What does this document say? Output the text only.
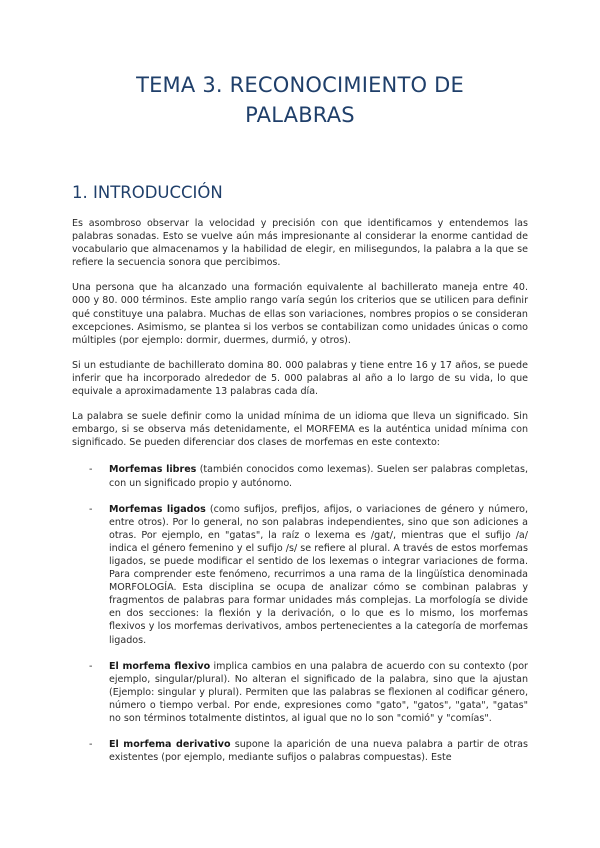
TEMA 3. RECONOCIMIENTO DE
PALABRAS
1. INTRODUCCIÓN

Es asombroso observar la velocidad y precisión con que identificamos y entendemos las palabras sonadas. Esto se vuelve aún más impresionante al considerar la enorme cantidad de vocabulario que almacenamos y la habilidad de elegir, en milisegundos, la palabra a la que se refiere la secuencia sonora que percibimos.

Una persona que ha alcanzado una formación equivalente al bachillerato maneja entre 40. 000 y 80. 000 términos. Este amplio rango varía según los criterios que se utilicen para definir qué constituye una palabra. Muchas de ellas son variaciones, nombres propios o se consideran excepciones. Asimismo, se plantea si los verbos se contabilizan como unidades únicas o como múltiples (por ejemplo: dormir, duermes, durmió, y otros).

Si un estudiante de bachillerato domina 80. 000 palabras y tiene entre 16 y 17 años, se puede inferir que ha incorporado alrededor de 5. 000 palabras al año a lo largo de su vida, lo que equivale a aproximadamente 13 palabras cada día.

La palabra se suele definir como la unidad mínima de un idioma que lleva un significado. Sin embargo, si se observa más detenidamente, el MORFEMA es la auténtica unidad mínima con significado. Se pueden diferenciar dos clases de morfemas en este contexto:

- Morfemas libres (también conocidos como lexemas). Suelen ser palabras completas, con un significado propio y autónomo.

- Morfemas ligados (como sufijos, prefijos, afijos, o variaciones de género y número, entre otros). Por lo general, no son palabras independientes, sino que son adiciones a otras. Por ejemplo, en "gatas", la raíz o lexema es /gat/, mientras que el sufijo /a/ indica el género femenino y el sufijo /s/ se refiere al plural. A través de estos morfemas ligados, se puede modificar el sentido de los lexemas o integrar variaciones de forma. Para comprender este fenómeno, recurrimos a una rama de la lingüística denominada MORFOLOGÍA. Esta disciplina se ocupa de analizar cómo se combinan palabras y fragmentos de palabras para formar unidades más complejas. La morfología se divide en dos secciones: la flexión y la derivación, o lo que es lo mismo, los morfemas flexivos y los morfemas derivativos, ambos pertenecientes a la categoría de morfemas ligados.

- El morfema flexivo implica cambios en una palabra de acuerdo con su contexto (por ejemplo, singular/plural). No alteran el significado de la palabra, sino que la ajustan (Ejemplo: singular y plural). Permiten que las palabras se flexionen al codificar género, número o tiempo verbal. Por ende, expresiones como "gato", "gatos", "gata", "gatas" no son términos totalmente distintos, al igual que no lo son "comió" y "comías".

- El morfema derivativo supone la aparición de una nueva palabra a partir de otras existentes (por ejemplo, mediante sufijos o palabras compuestas). Este
